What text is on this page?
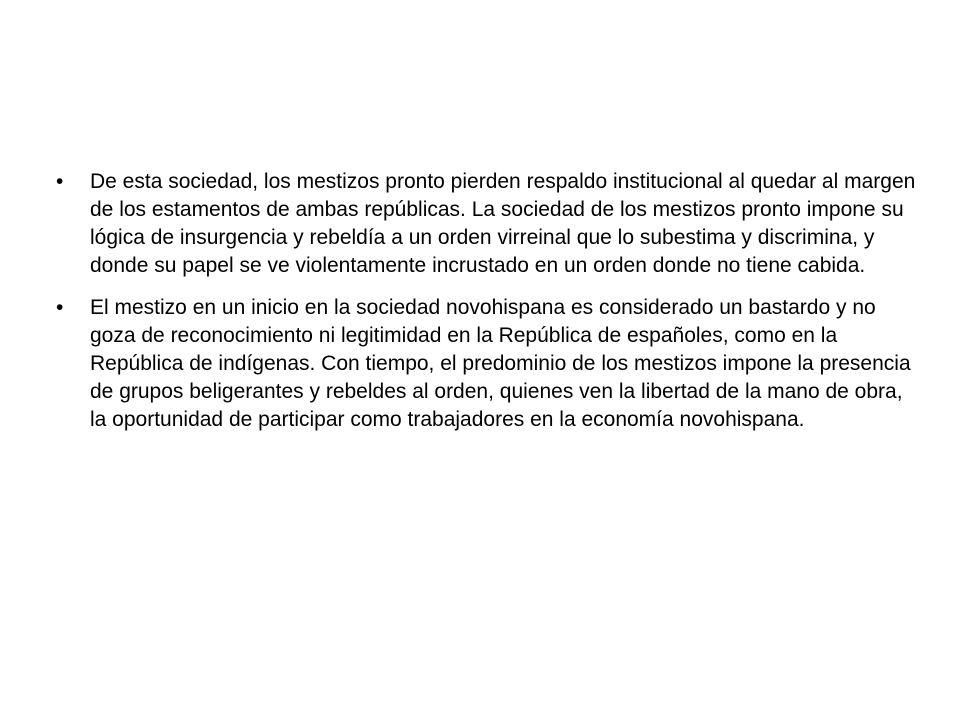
•	De esta sociedad, los mestizos pronto pierden respaldo institucional al quedar al margen de los estamentos de ambas repúblicas. La sociedad de los mestizos pronto impone su lógica de insurgencia y rebeldía a un orden virreinal que lo subestima y discrimina, y donde su papel se ve violentamente incrustado en un orden donde no tiene cabida.
•	El mestizo en un inicio en la sociedad novohispana es considerado un bastardo y no goza de reconocimiento ni legitimidad en la República de españoles, como en la República de indígenas. Con tiempo, el predominio de los mestizos impone la presencia de grupos beligerantes y rebeldes al orden, quienes ven la libertad de la mano de obra, la oportunidad de participar como trabajadores en la economía novohispana.
